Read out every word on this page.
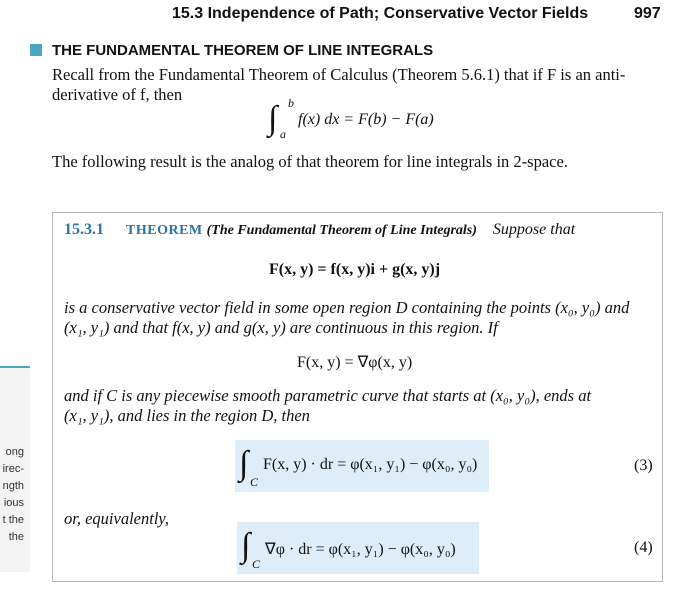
15.3 Independence of Path; Conservative Vector Fields	997
THE FUNDAMENTAL THEOREM OF LINE INTEGRALS
Recall from the Fundamental Theorem of Calculus (Theorem 5.6.1) that if F is an anti-
derivative of f, then
∫ b
a
f(x) dx = F(b) − F(a)
The following result is the analog of that theorem for line integrals in 2-space.
ong
irec-
ngth
ious
t the
the
15.3.1 THEOREM (The Fundamental Theorem of Line Integrals) Suppose that
F(x, y) = f(x, y)i + g(x, y)j
is a conservative vector field in some open region D containing the points (x₀, y₀) and
(x₁, y₁) and that f(x, y) and g(x, y) are continuous in this region. If
F(x, y) = ∇φ(x, y)
and if C is any piecewise smooth parametric curve that starts at (x₀, y₀), ends at
(x₁, y₁), and lies in the region D, then
∫ C
F(x, y) · dr = φ(x₁, y₁) − φ(x₀, y₀)	(3)
or, equivalently,
∫ C
∇φ · dr = φ(x₁, y₁) − φ(x₀, y₀)	(4)
